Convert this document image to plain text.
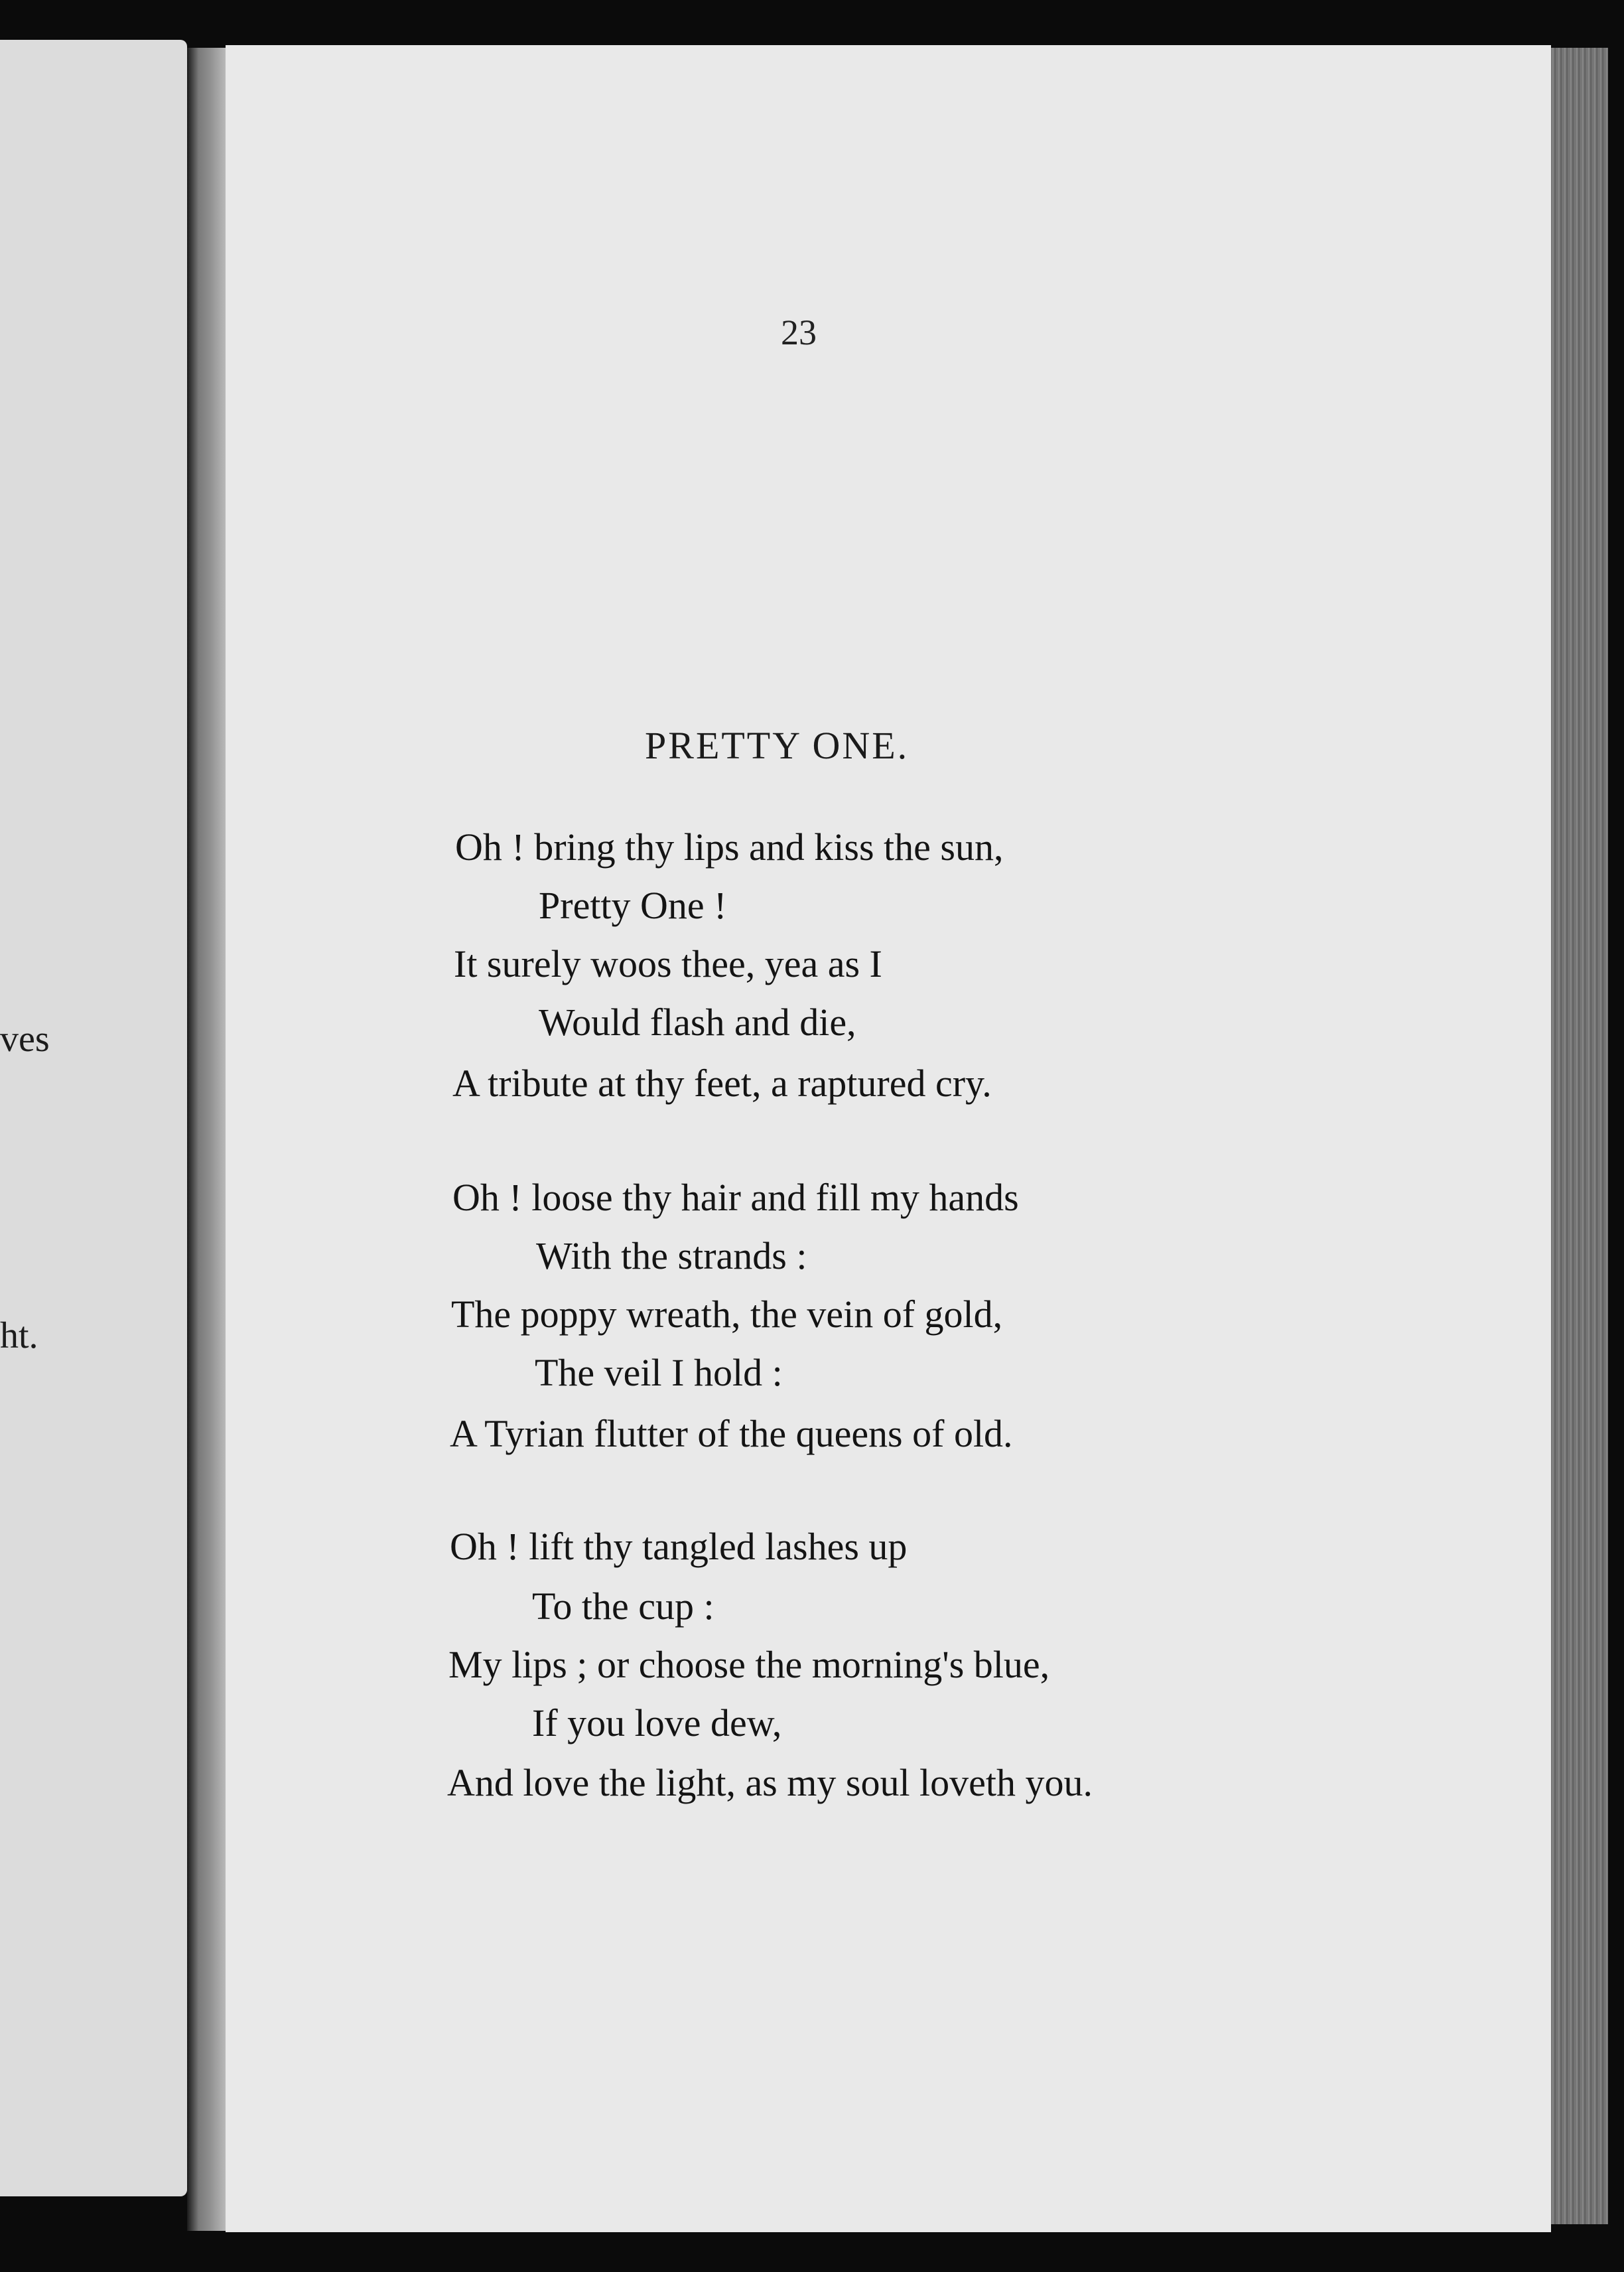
ves
ht.
23
PRETTY ONE.
Oh ! bring thy lips and kiss the sun,
Pretty One !
It surely woos thee, yea as I
Would flash and die,
A tribute at thy feet, a raptured cry.
Oh ! loose thy hair and fill my hands
With the strands :
The poppy wreath, the vein of gold,
The veil I hold :
A Tyrian flutter of the queens of old.
Oh ! lift thy tangled lashes up
To the cup :
My lips ; or choose the morning's blue,
If you love dew,
And love the light, as my soul loveth you.
